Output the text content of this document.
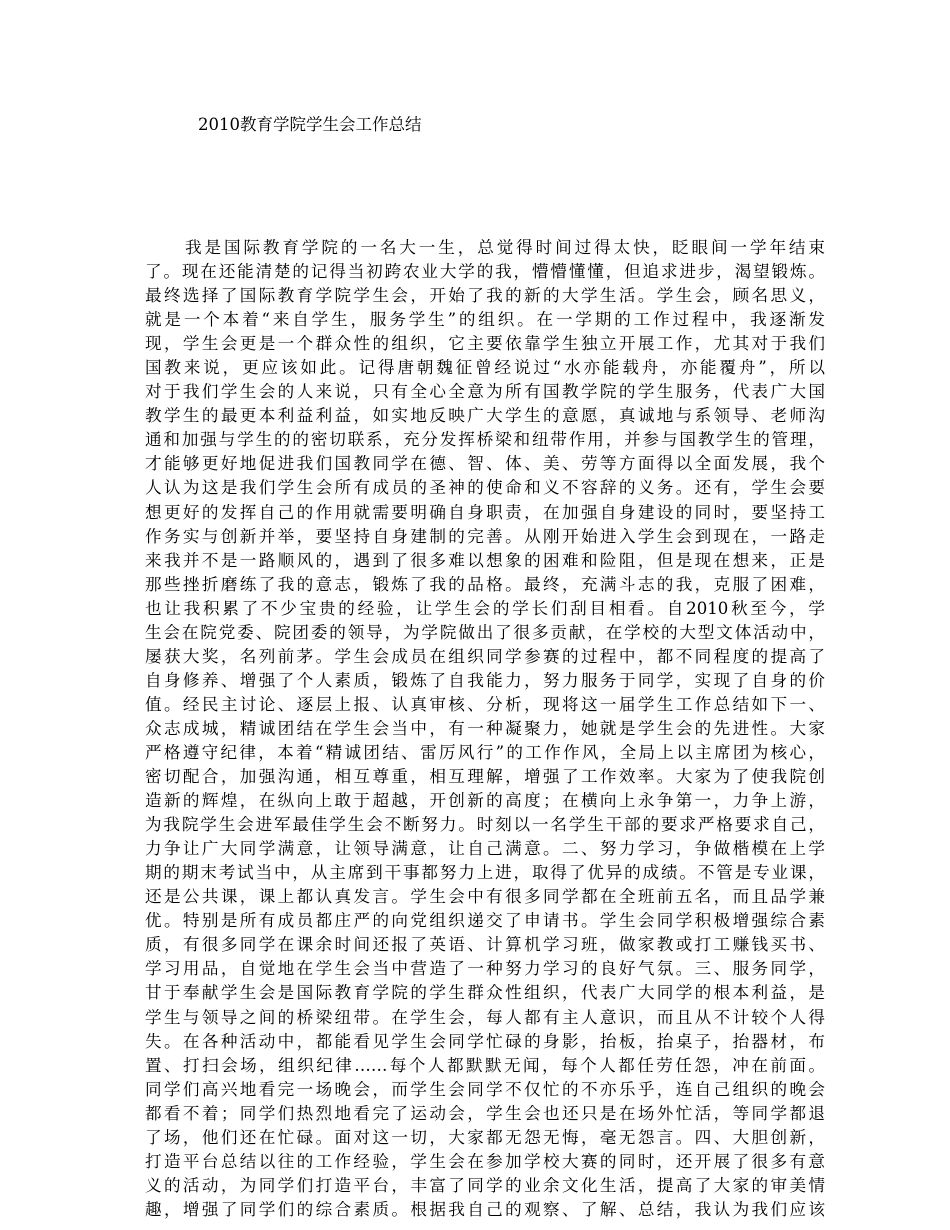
2010教育学院学生会工作总结
我是国际教育学院的一名大一生，总觉得时间过得太快，眨眼间一学年结束
了。现在还能清楚的记得当初跨农业大学的我，懵懵懂懂，但追求进步，渴望锻炼。
最终选择了国际教育学院学生会，开始了我的新的大学生活。学生会，顾名思义，
就是一个本着“来自学生，服务学生”的组织。在一学期的工作过程中，我逐渐发
现，学生会更是一个群众性的组织，它主要依靠学生独立开展工作，尤其对于我们
国教来说，更应该如此。记得唐朝魏征曾经说过“水亦能载舟，亦能覆舟”，所以
对于我们学生会的人来说，只有全心全意为所有国教学院的学生服务，代表广大国
教学生的最更本利益利益，如实地反映广大学生的意愿，真诚地与系领导、老师沟
通和加强与学生的的密切联系，充分发挥桥梁和纽带作用，并参与国教学生的管理，
才能够更好地促进我们国教同学在德、智、体、美、劳等方面得以全面发展，我个
人认为这是我们学生会所有成员的圣神的使命和义不容辞的义务。还有，学生会要
想更好的发挥自己的作用就需要明确自身职责，在加强自身建设的同时，要坚持工
作务实与创新并举，要坚持自身建制的完善。从刚开始进入学生会到现在，一路走
来我并不是一路顺风的，遇到了很多难以想象的困难和险阻，但是现在想来，正是
那些挫折磨练了我的意志，锻炼了我的品格。最终，充满斗志的我，克服了困难，
也让我积累了不少宝贵的经验，让学生会的学长们刮目相看。自2010秋至今，学
生会在院党委、院团委的领导，为学院做出了很多贡献，在学校的大型文体活动中，
屡获大奖，名列前茅。学生会成员在组织同学参赛的过程中，都不同程度的提高了
自身修养、增强了个人素质，锻炼了自我能力，努力服务于同学，实现了自身的价
值。经民主讨论、逐层上报、认真审核、分析，现将这一届学生工作总结如下一、
众志成城，精诚团结在学生会当中，有一种凝聚力，她就是学生会的先进性。大家
严格遵守纪律，本着“精诚团结、雷厉风行”的工作作风，全局上以主席团为核心，
密切配合，加强沟通，相互尊重，相互理解，增强了工作效率。大家为了使我院创
造新的辉煌，在纵向上敢于超越，开创新的高度；在横向上永争第一，力争上游，
为我院学生会进军最佳学生会不断努力。时刻以一名学生干部的要求严格要求自己，
力争让广大同学满意，让领导满意，让自己满意。二、努力学习，争做楷模在上学
期的期末考试当中，从主席到干事都努力上进，取得了优异的成绩。不管是专业课，
还是公共课，课上都认真发言。学生会中有很多同学都在全班前五名，而且品学兼
优。特别是所有成员都庄严的向党组织递交了申请书。学生会同学积极增强综合素
质，有很多同学在课余时间还报了英语、计算机学习班，做家教或打工赚钱买书、
学习用品，自觉地在学生会当中营造了一种努力学习的良好气氛。三、服务同学，
甘于奉献学生会是国际教育学院的学生群众性组织，代表广大同学的根本利益，是
学生与领导之间的桥梁纽带。在学生会，每人都有主人意识，而且从不计较个人得
失。在各种活动中，都能看见学生会同学忙碌的身影，抬板，抬桌子，抬器材，布
置、打扫会场，组织纪律……每个人都默默无闻，每个人都任劳任怨，冲在前面。
同学们高兴地看完一场晚会，而学生会同学不仅忙的不亦乐乎，连自己组织的晚会
都看不着；同学们热烈地看完了运动会，学生会也还只是在场外忙活，等同学都退
了场，他们还在忙碌。面对这一切，大家都无怨无悔，毫无怨言。四、大胆创新，
打造平台总结以往的工作经验，学生会在参加学校大赛的同时，还开展了很多有意
义的活动，为同学们打造平台，丰富了同学的业余文化生活，提高了大家的审美情
趣，增强了同学们的综合素质。根据我自己的观察、了解、总结，我认为我们应该
